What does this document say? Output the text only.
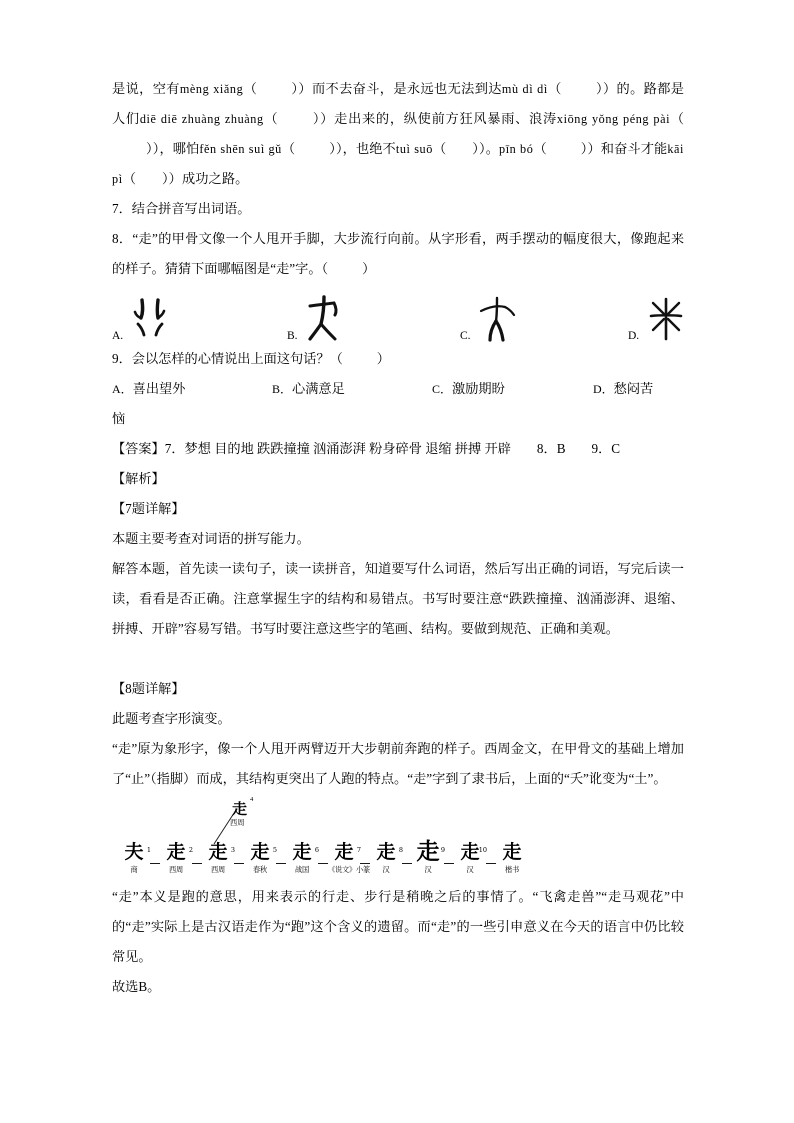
是说，空有mèng xiǎng（	））而不去奋斗，是永远也无法到达mù dì dì（	））的。路都是人们diē diē zhuàng zhuàng（	））走出来的，纵使前方狂风暴雨、浪涛xiōng yǒng péng pài（）），哪怕fěn shēn suì gǔ（	）），也绝不tuì suō（ ））。pīn bó（	））和奋斗才能kāi pì（ ））成功之路。

7．结合拼音写出词语。

8．“走”的甲骨文像一个人甩开手脚，大步流行向前。从字形看，两手摆动的幅度很大，像跑起来的样子。猜猜下面哪幅图是“走”字。（	）

A.	B.	C.	D.

9．会以怎样的心情说出上面这句话？（	）

A．喜出望外	B．心满意足	C．激励期盼	D．愁闷苦

恼

【答案】7．梦想 目的地 跌跌撞撞 汹涌澎湃 粉身碎骨 退缩 拼搏 开辟 8．B 9．C

【解析】

【7题详解】

本题主要考查对词语的拼写能力。

解答本题，首先读一读句子，读一读拼音，知道要写什么词语，然后写出正确的词语，写完后读一读，看看是否正确。注意掌握生字的结构和易错点。书写时要注意“跌跌撞撞、汹涌澎湃、退缩、拼搏、开辟”容易写错。书写时要注意这些字的笔画、结构。要做到规范、正确和美观。

【8题详解】

此题考查字形演变。

“走”原为象形字，像一个人甩开两臂迈开大步朝前奔跑的样子。西周金文，在甲骨文的基础上增加了“止”（指脚）而成，其结构更突出了人跑的特点。“走”字到了隶书后，上面的“夭”讹变为“土”。

走
4
西周
夫 1
商
走 2
西周
走 3
西周
走 5
春秋
走 6
战国
走 7
《说文》小篆
走 8
汉
走 9
汉
走 10
汉
走
楷书

“走”本义是跑的意思，用来表示的行走、步行是稍晚之后的事情了。“飞禽走兽”“走马观花”中的“走”实际上是古汉语走作为“跑”这个含义的遗留。而“走”的一些引申意义在今天的语言中仍比较常见。

故选B。
